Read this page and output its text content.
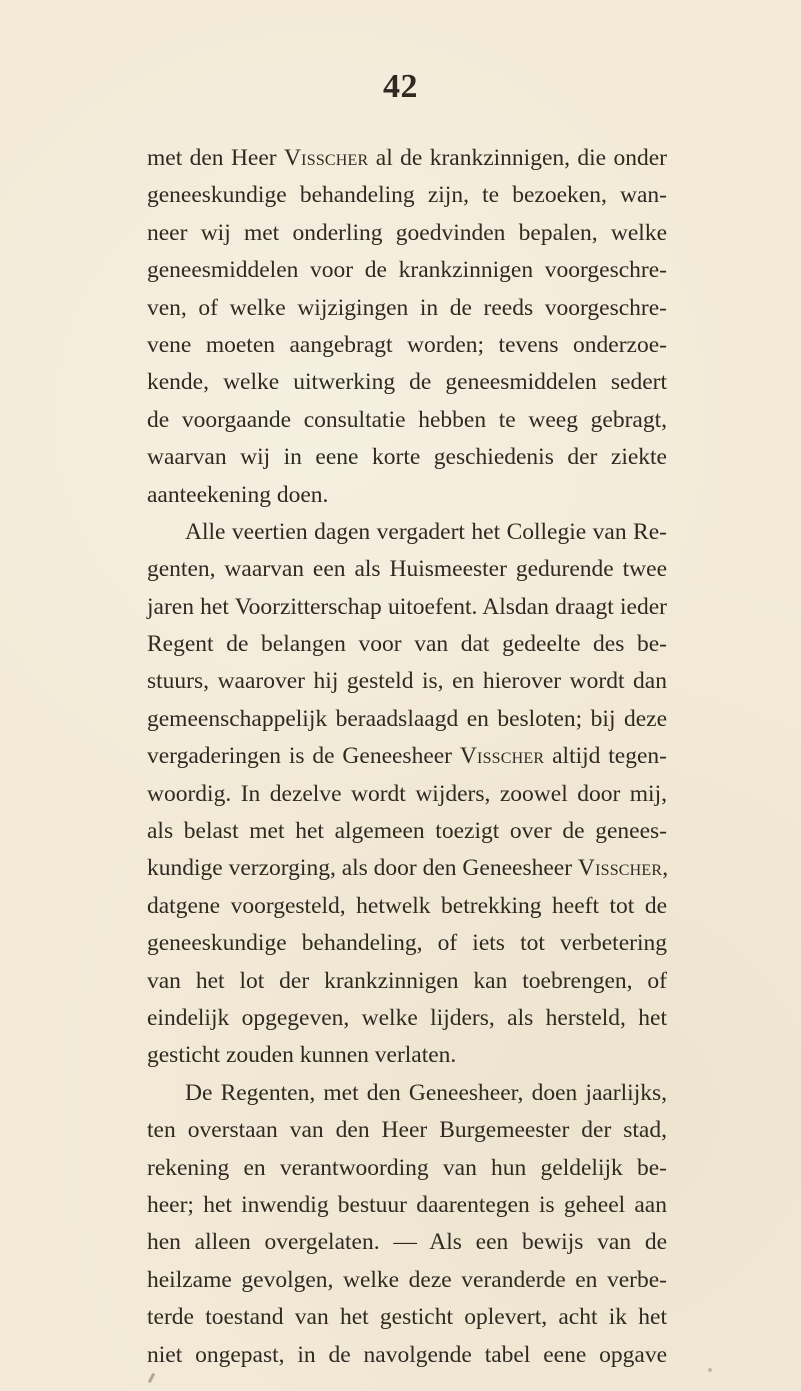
42
met den Heer Visscher al de krankzinnigen, die onder
geneeskundige behandeling zijn, te bezoeken, wan-
neer wij met onderling goedvinden bepalen, welke
geneesmiddelen voor de krankzinnigen voorgeschre-
ven, of welke wijzigingen in de reeds voorgeschre-
vene moeten aangebragt worden; tevens onderzoe-
kende, welke uitwerking de geneesmiddelen sedert
de voorgaande consultatie hebben te weeg gebragt,
waarvan wij in eene korte geschiedenis der ziekte
aanteekening doen.
Alle veertien dagen vergadert het Collegie van Re-
genten, waarvan een als Huismeester gedurende twee
jaren het Voorzitterschap uitoefent. Alsdan draagt ieder
Regent de belangen voor van dat gedeelte des be-
stuurs, waarover hij gesteld is, en hierover wordt dan
gemeenschappelijk beraadslaagd en besloten; bij deze
vergaderingen is de Geneesheer Visscher altijd tegen-
woordig. In dezelve wordt wijders, zoowel door mij,
als belast met het algemeen toezigt over de genees-
kundige verzorging, als door den Geneesheer Visscher,
datgene voorgesteld, hetwelk betrekking heeft tot de
geneeskundige behandeling, of iets tot verbetering
van het lot der krankzinnigen kan toebrengen, of
eindelijk opgegeven, welke lijders, als hersteld, het
gesticht zouden kunnen verlaten.
De Regenten, met den Geneesheer, doen jaarlijks,
ten overstaan van den Heer Burgemeester der stad,
rekening en verantwoording van hun geldelijk be-
heer; het inwendig bestuur daarentegen is geheel aan
hen alleen overgelaten. — Als een bewijs van de
heilzame gevolgen, welke deze veranderde en verbe-
terde toestand van het gesticht oplevert, acht ik het
niet ongepast, in de navolgende tabel eene opgave
